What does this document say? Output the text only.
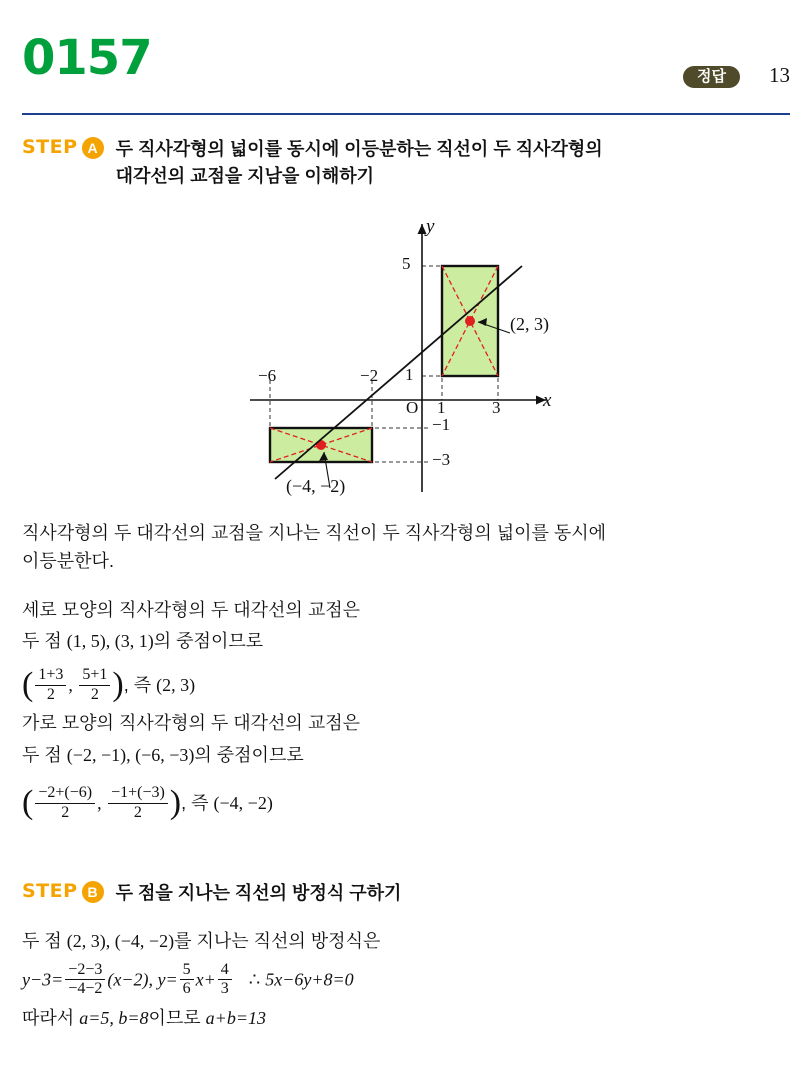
0157	정답	13
STEP A 두 직사각형의 넓이를 동시에 이등분하는 직선이 두 직사각형의
대각선의 교점을 지남을 이해하기
5
1
−1
−3
−6	−2
1	3
O
y
x
(2, 3)
(−4, −2)
직사각형의 두 대각선의 교점을 지나는 직선이 두 직사각형의 넓이를 동시에
이등분한다.
세로 모양의 직사각형의 두 대각선의 교점은
두 점 (1, 5), (3, 1)의 중점이므로
( $\frac{1+3}{2}$ , $\frac{5+1}{2}$ ), 즉 (2, 3)
가로 모양의 직사각형의 두 대각선의 교점은
두 점 (−2, −1), (−6, −3)의 중점이므로
( $\frac{-2+(-6)}{2}$ , $\frac{-1+(-3)}{2}$ ), 즉 (−4, −2)
STEP B 두 점을 지나는 직선의 방정식 구하기
두 점 (2, 3), (−4, −2)를 지나는 직선의 방정식은
$y-3= \frac{-2-3}{-4-2} (x-2)$, $y= \frac{5}{6} x+ \frac{4}{3}$ ∴ 5x−6y+8=0
따라서 a=5, b=8이므로 a+b=13
